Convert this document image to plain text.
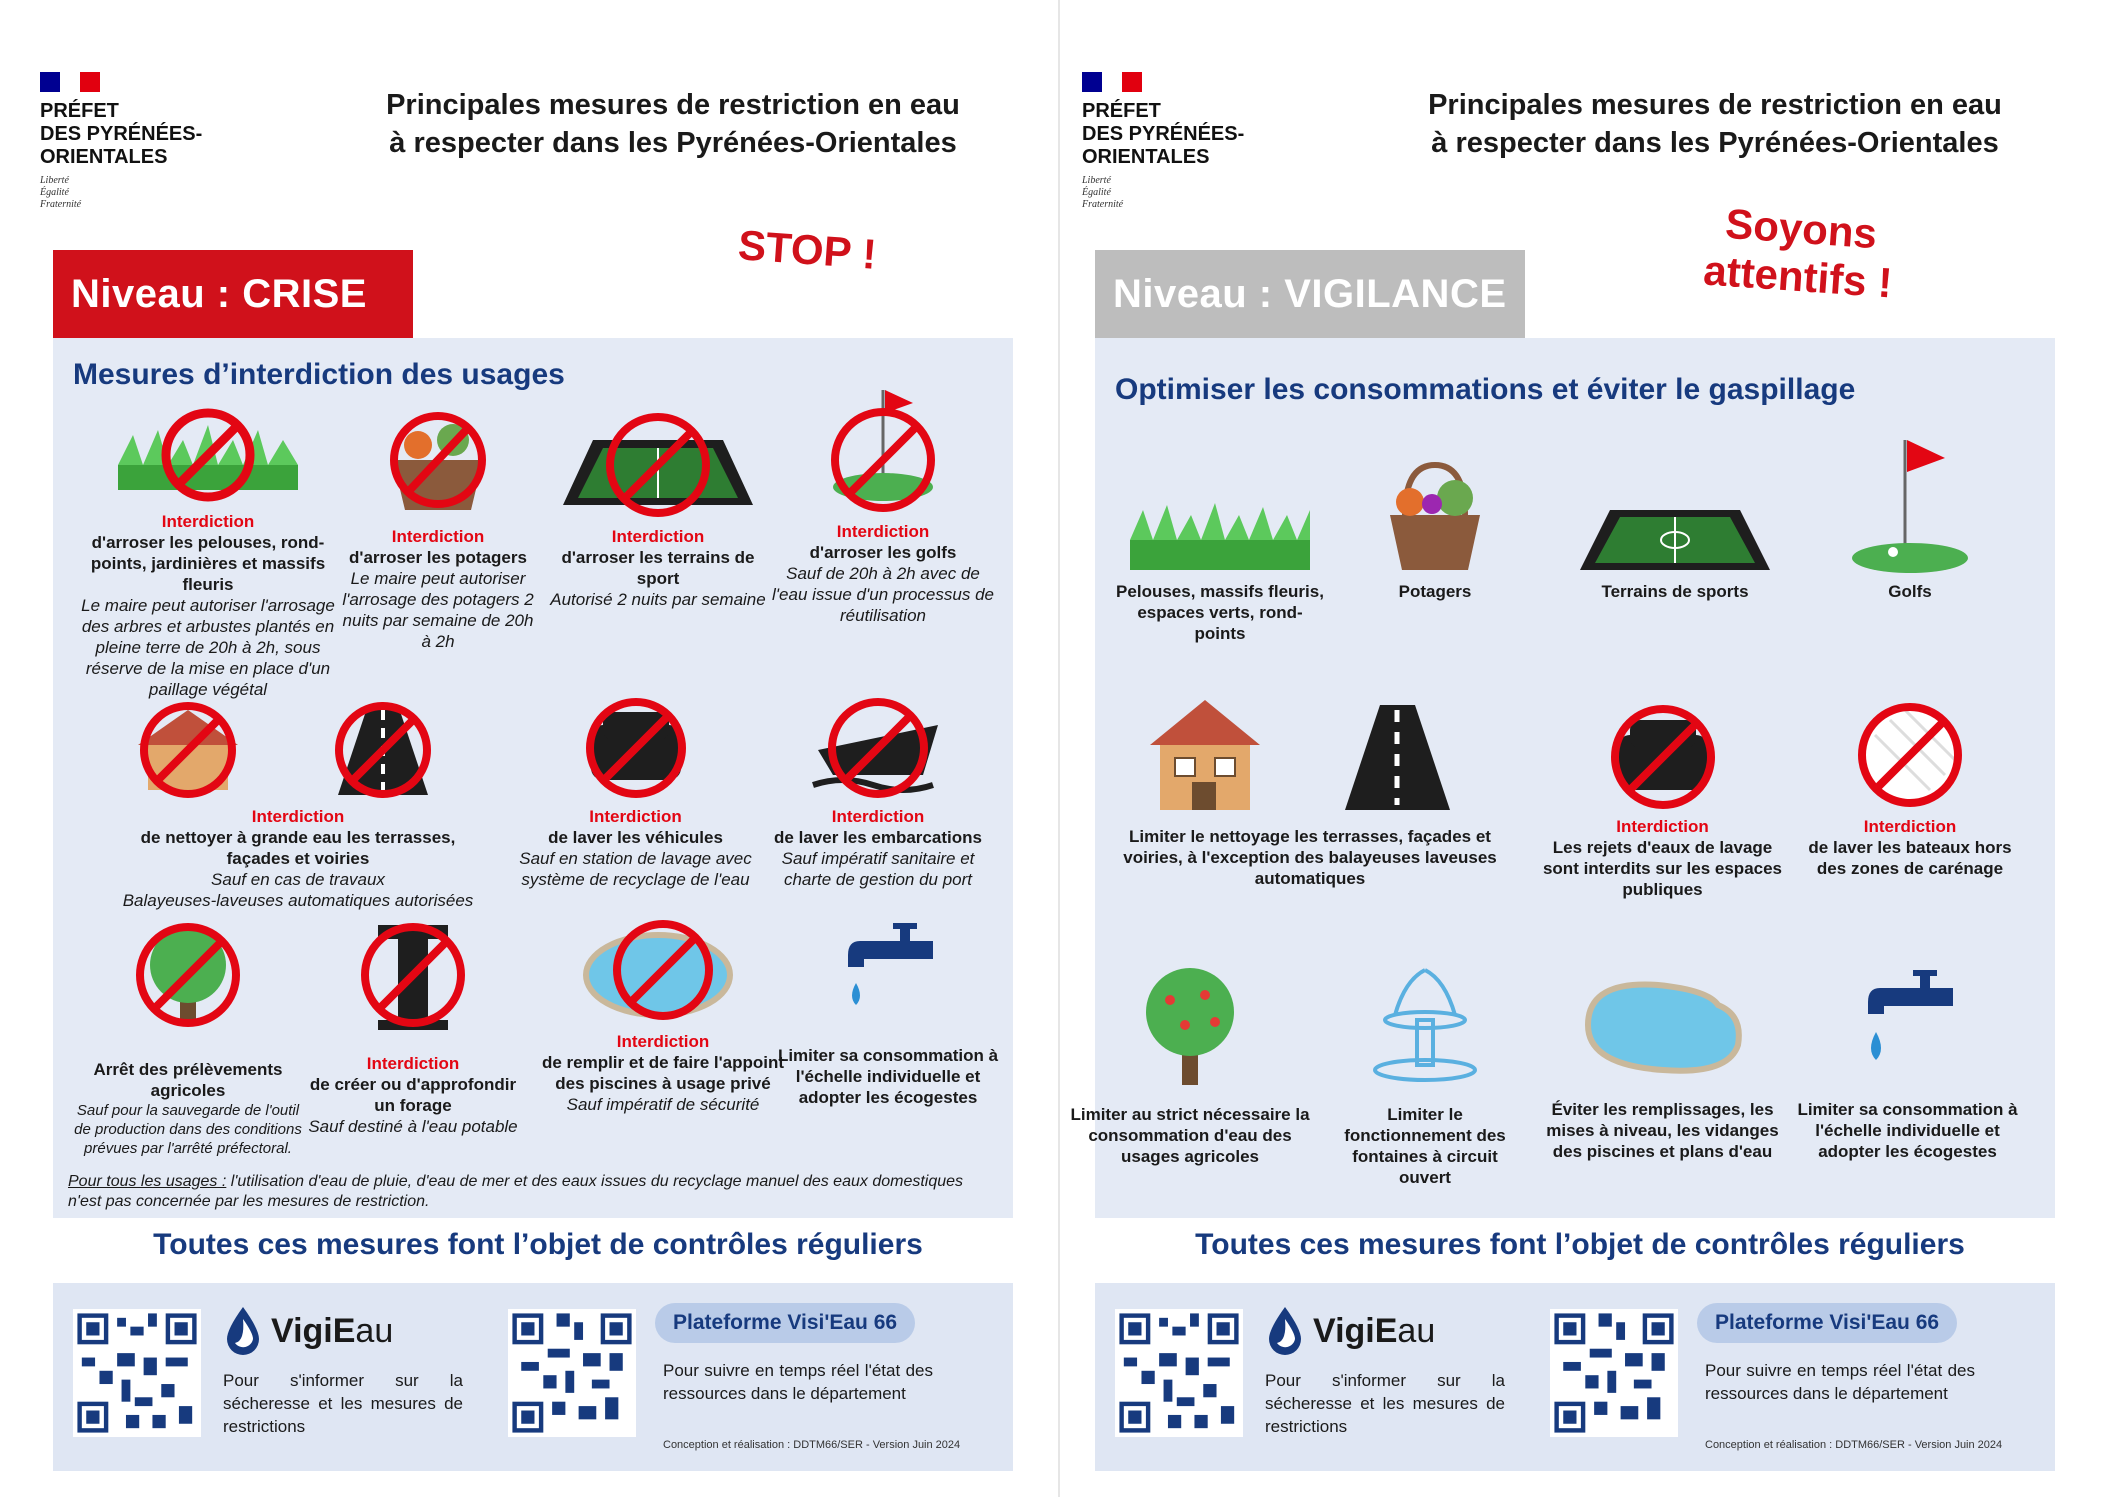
PRÉFET
DES PYRÉNÉES-
ORIENTALES
Liberté
Égalité
Fraternité
Principales mesures de restriction en eau
à respecter dans les Pyrénées-Orientales
STOP !
Niveau : CRISE
Mesures d’interdiction des usages
Interdiction
d'arroser les pelouses, rond-points, jardinières et massifs fleuris
Le maire peut autoriser l'arrosage des arbres et arbustes plantés en pleine terre de 20h à 2h, sous réserve de la mise en place d'un paillage végétal
Interdiction
d'arroser les potagers
Le maire peut autoriser l'arrosage des potagers 2 nuits par semaine de 20h à 2h
Interdiction
d'arroser les terrains de sport
Autorisé 2 nuits par semaine
Interdiction
d'arroser les golfs
Sauf de 20h à 2h avec de l'eau issue d'un processus de réutilisation
Interdiction
de nettoyer à grande eau les terrasses, façades et voiries
Sauf en cas de travaux
Balayeuses-laveuses automatiques autorisées
Interdiction
de laver les véhicules
Sauf en station de lavage avec système de recyclage de l'eau
Interdiction
de laver les embarcations
Sauf impératif sanitaire et charte de gestion du port
Arrêt des prélèvements agricoles
Sauf pour la sauvegarde de l'outil de production dans des conditions prévues par l'arrêté préfectoral.
Interdiction
de créer ou d'approfondir un forage
Sauf destiné à l'eau potable
Interdiction
de remplir et de faire l'appoint des piscines à usage privé
Sauf impératif de sécurité
Limiter sa consommation à l'échelle individuelle et adopter les écogestes
Pour tous les usages : l'utilisation d'eau de pluie, d'eau de mer et des eaux issues du recyclage manuel des eaux domestiques n'est pas concernée par les mesures de restriction.
Toutes ces mesures font l’objet de contrôles réguliers
VigiEau
Pour s'informer sur la sécheresse et les mesures de restrictions
Plateforme Visi'Eau 66
Pour suivre en temps réel l'état des ressources dans le département
Conception et réalisation : DDTM66/SER - Version Juin 2024
PRÉFET
DES PYRÉNÉES-
ORIENTALES
Liberté
Égalité
Fraternité
Principales mesures de restriction en eau
à respecter dans les Pyrénées-Orientales
Soyons
attentifs !
Niveau : VIGILANCE
Optimiser les consommations et éviter le gaspillage
Pelouses, massifs fleuris, espaces verts, rond-points
Potagers	Terrains de sports	Golfs
Limiter le nettoyage les terrasses, façades et voiries, à l'exception des balayeuses laveuses automatiques
Interdiction
Les rejets d'eaux de lavage sont interdits sur les espaces publiques
Interdiction
de laver les bateaux hors des zones de carénage
Limiter au strict nécessaire la consommation d'eau des usages agricoles
Limiter le fonctionnement des fontaines à circuit ouvert
Éviter les remplissages, les mises à niveau, les vidanges des piscines et plans d'eau
Limiter sa consommation à l'échelle individuelle et adopter les écogestes
Toutes ces mesures font l’objet de contrôles réguliers
VigiEau
Pour s'informer sur la sécheresse et les mesures de restrictions
Plateforme Visi'Eau 66
Pour suivre en temps réel l'état des ressources dans le département
Conception et réalisation : DDTM66/SER - Version Juin 2024
